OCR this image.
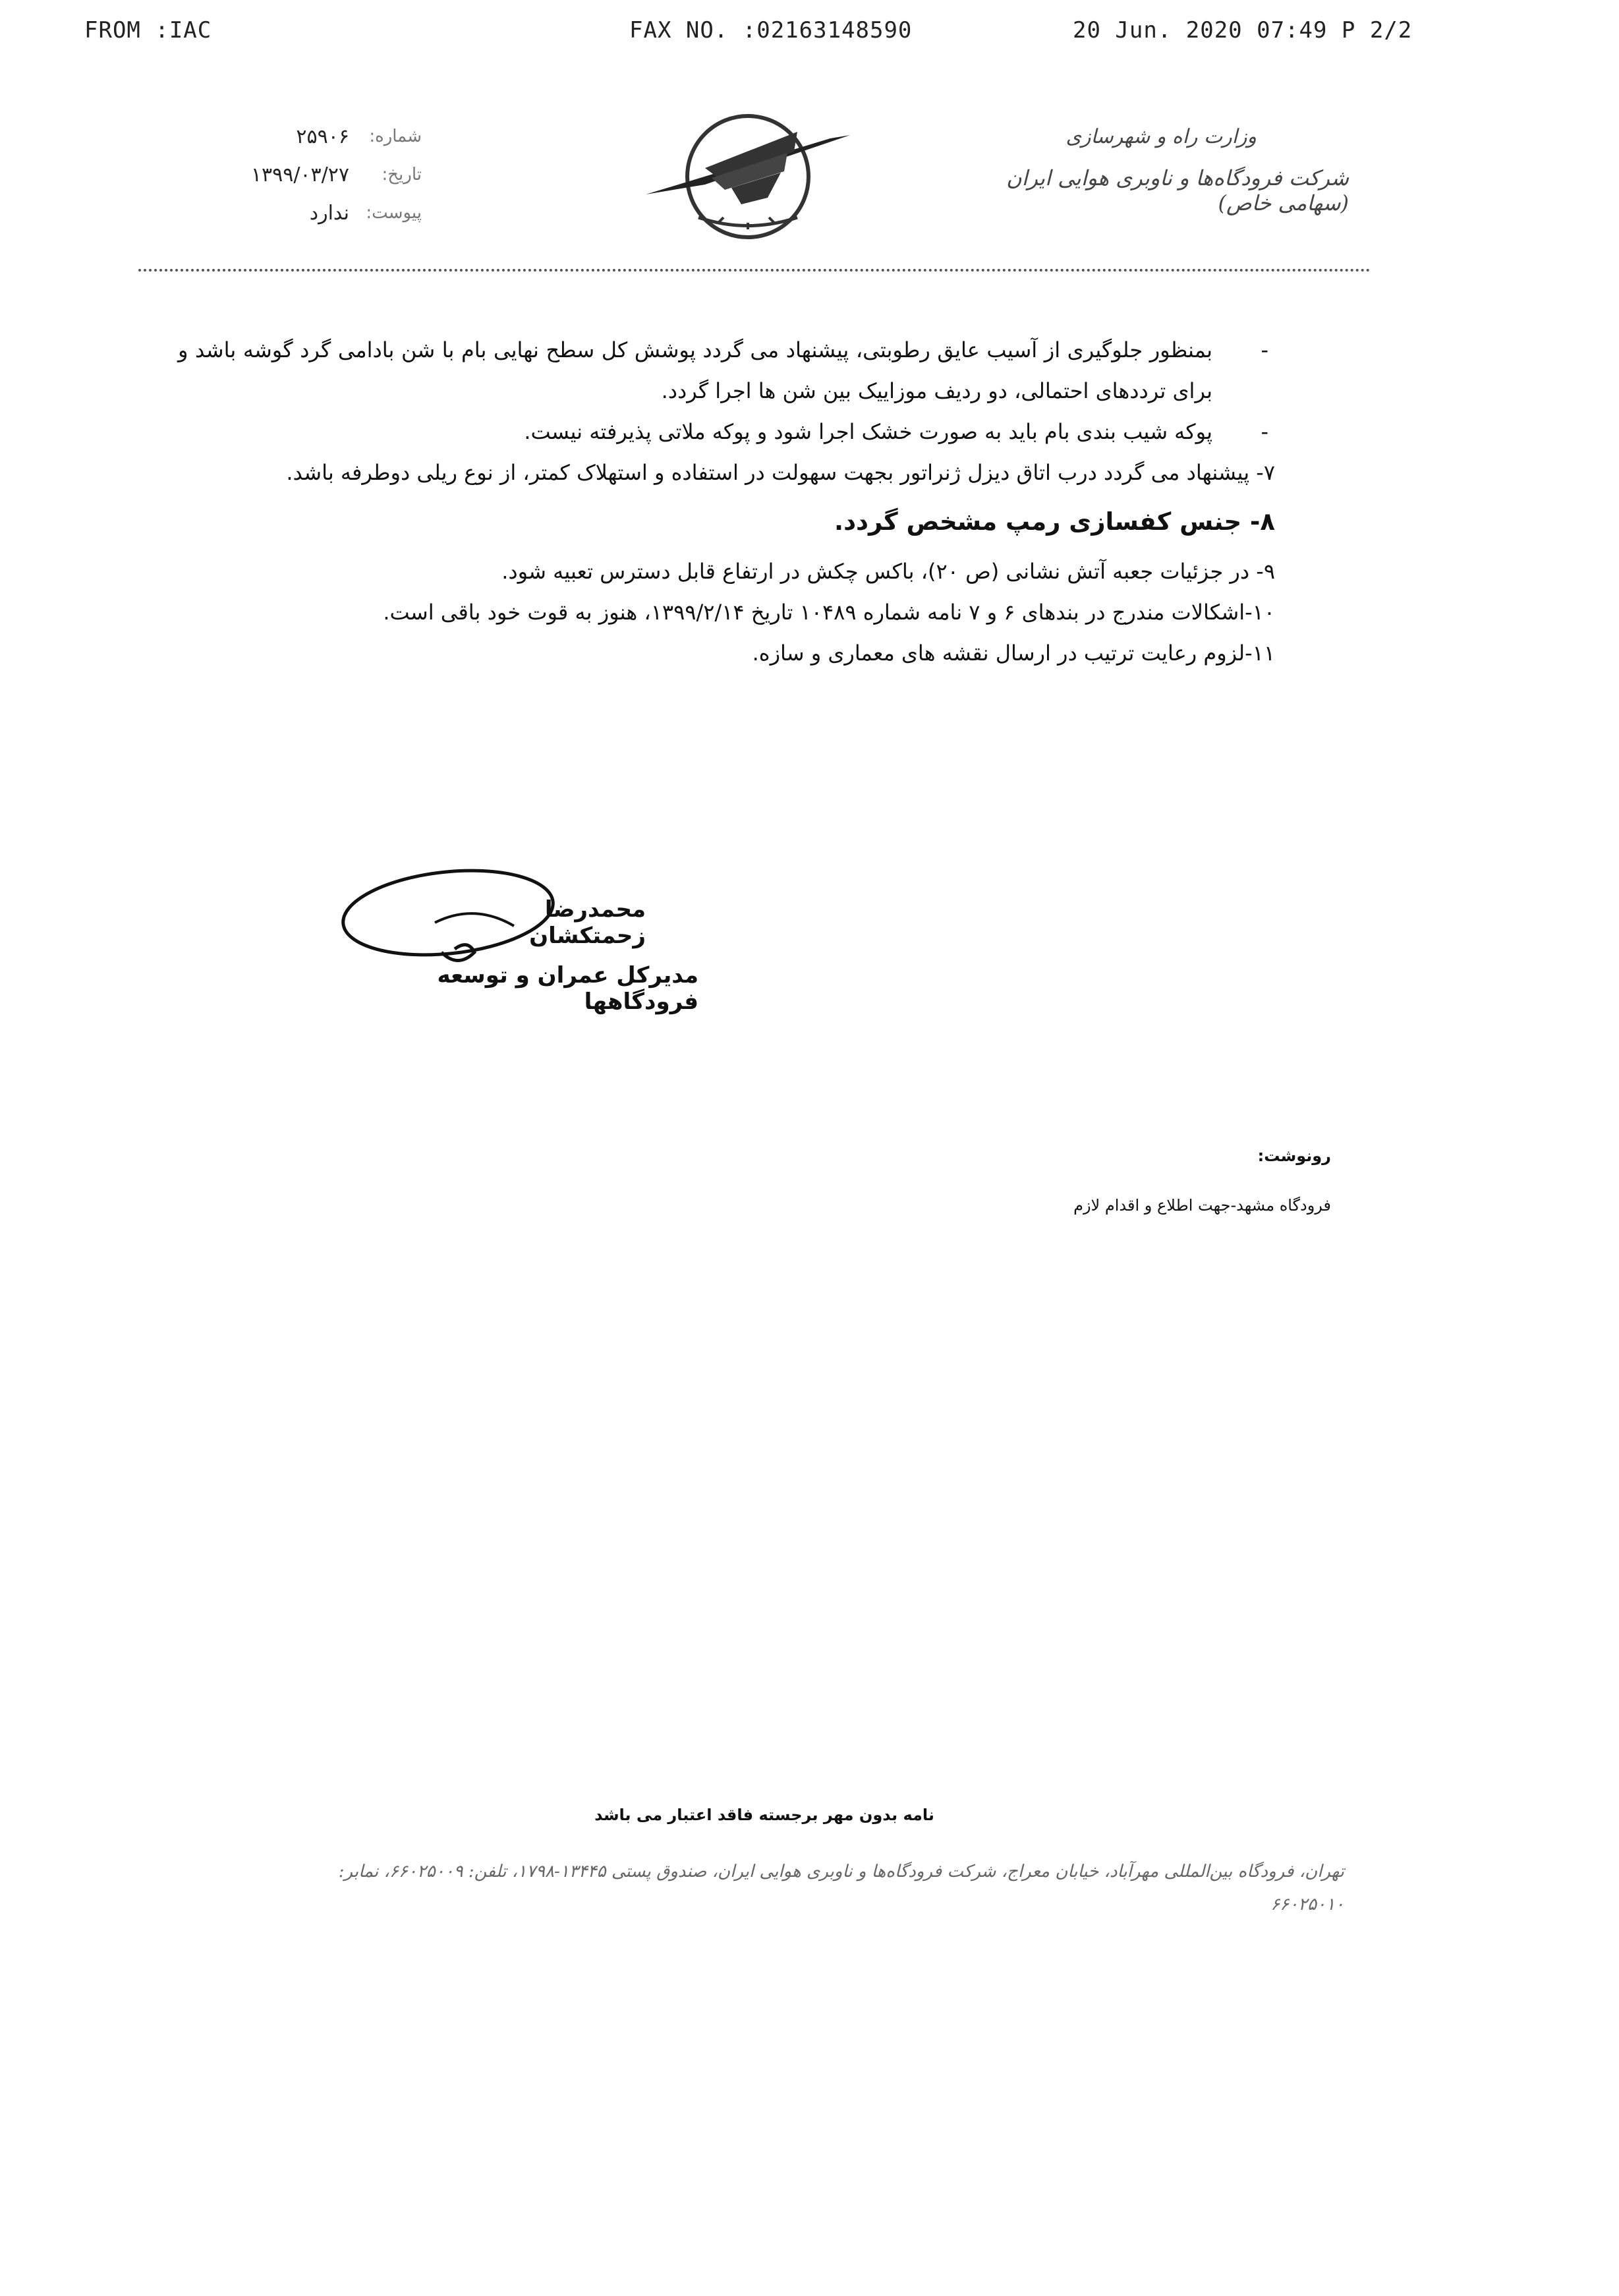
FROM :IAC	FAX NO. :02163148590	20 Jun. 2020 07:49 P 2/2
شماره:
۲۵۹۰۶
تاریخ:
۱۳۹۹/۰۳/۲۷
پیوست:
ندارد
وزارت راه و شهرسازی
شرکت فرودگاه‌ها و ناوبری هوایی ایران (سهامی خاص)
-
بمنظور جلوگیری از آسیب عایق رطوبتی، پیشنهاد می گردد پوشش کل سطح نهایی بام با شن بادامی گرد گوشه باشد و برای ترددهای احتمالی، دو ردیف موزاییک بین شن ها اجرا گردد.
-
پوکه شیب بندی بام باید به صورت خشک اجرا شود و پوکه ملاتی پذیرفته نیست.
۷- پیشنهاد می گردد درب اتاق دیزل ژنراتور بجهت سهولت در استفاده و استهلاک کمتر، از نوع ریلی دوطرفه باشد.
۸- جنس کفسازی رمپ مشخص گردد.
۹- در جزئیات جعبه آتش نشانی (ص ۲۰)، باکس چکش در ارتفاع قابل دسترس تعبیه شود.
۱۰-اشکالات مندرج در بندهای ۶ و ۷ نامه شماره ۱۰۴۸۹ تاریخ ۱۳۹۹/۲/۱۴، هنوز به قوت خود باقی است.
۱۱-لزوم رعایت ترتیب در ارسال نقشه های معماری و سازه.
محمدرضا زحمتکشان
مدیرکل عمران و توسعه فرودگاهها
رونوشت:
فرودگاه مشهد-جهت اطلاع و اقدام لازم
نامه بدون مهر برجسته فاقد اعتبار می باشد
تهران، فرودگاه بین‌المللی مهرآباد، خیابان معراج، شرکت فرودگاه‌ها و ناوبری هوایی ایران، صندوق پستی ۱۳۴۴۵-۱۷۹۸، تلفن: ۶۶۰۲۵۰۰۹، نمابر: ۶۶۰۲۵۰۱۰
